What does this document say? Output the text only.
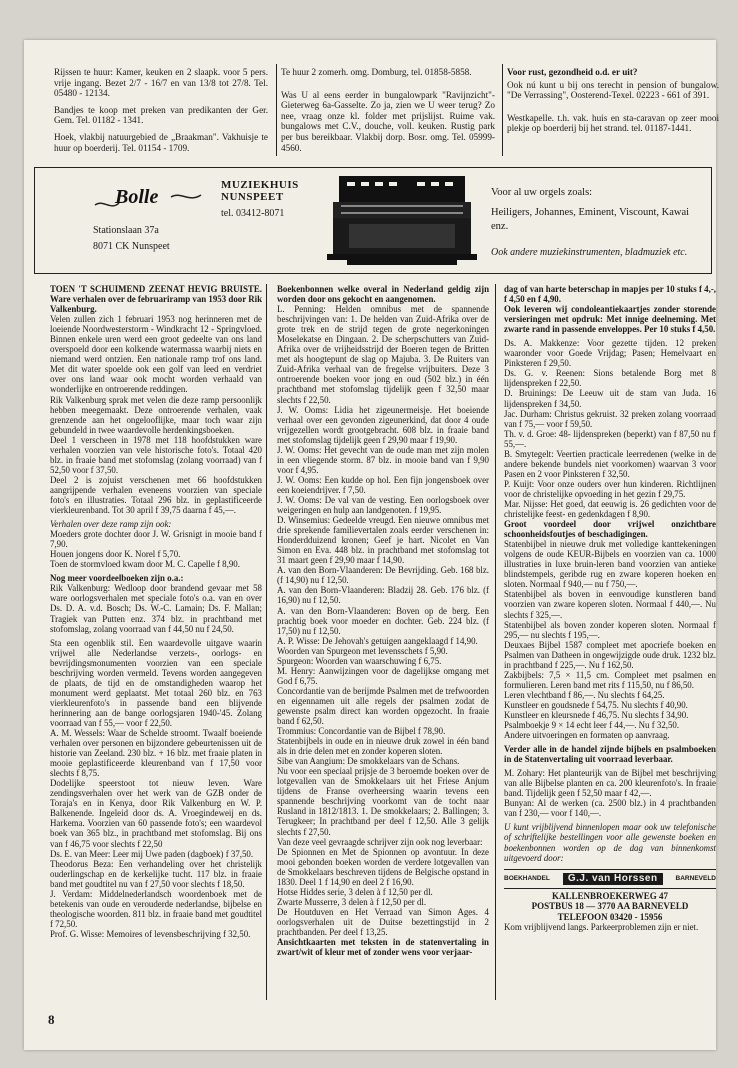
Rijssen te huur: Kamer, keuken en 2 slaapk. voor 5 pers. vrije ingang. Bezet 2/7 - 16/7 en van 13/8 tot 27/8. Tel. 05480 - 12134.

Bandjes te koop met preken van predikanten der Ger. Gem. Tel. 01182 - 1341.

Hoek, vlakbij natuurgebied de „Braakman". Vakhuisje te huur op boerderij. Tel. 01154 - 1709.

Te huur 2 zomerh. omg. Domburg, tel. 01858-5858.

Was U al eens eerder in bungalowpark "Ravijnzicht"-Gieterweg 6a-Gasselte. Zo ja, zien we U weer terug? Zo nee, vraag onze kl. folder met prijslijst. Ruime vak. bungalows met C.V., douche, voll. keuken. Rustig park per bus bereikbaar. Vlakbij dorp. Bosr. omg. Tel. 05999-4560.

Voor rust, gezondheid o.d. er uit?

Ook nú kunt u bij ons terecht in pension of bungalow. "De Verrassing", Oosterend-Texel. 02223 - 661 of 391.

Westkapelle. t.h. vak. huis en sta-caravan op zeer mooi plekje op boerderij bij het strand. tel. 01187-1441.

Bolle
MUZIEKHUIS
NUNSPEET
tel. 03412-8071
Stationslaan 37a
8071 CK Nunspeet
Voor al uw orgels zoals:
Heiligers, Johannes, Eminent, Viscount, Kawai enz.
Ook andere muziekinstrumenten, bladmuziek etc.

TOEN 'T SCHUIMEND ZEENAT HEVIG BRUISTE. Ware verhalen over de februariramp van 1953 door Rik Valkenburg.

Velen zullen zich 1 februari 1953 nog herinneren met de loeiende Noordwesterstorm - Windkracht 12 - Springvloed. Binnen enkele uren werd een groot gedeelte van ons land overspoeld door een kolkende watermassa waarbij niets en niemand werd ontzien. Een nationale ramp trof ons land. Met dit water spoelde ook een golf van leed en verdriet over ons land waar ook mocht worden verhaald van wonderlijke en ontroerende reddingen.

Rik Valkenburg sprak met velen die deze ramp persoonlijk hebben meegemaakt. Deze ontroerende verhalen, vaak grenzende aan het ongelooflijke, maar toch waar zijn gebundeld in twee waardevolle herdenkingsboeken.

Deel 1 verscheen in 1978 met 118 hoofdstukken ware verhalen voorzien van vele historische foto's. Totaal 420 blz. in fraaie band met stofomslag (zolang voorraad) van f 52,50 voor f 37,50.

Deel 2 is zojuist verschenen met 66 hoofdstukken aangrijpende verhalen eveneens voorzien van speciale foto's en illustraties. Totaal 296 blz. in geplastificeerde vierkleurenband. Tot 30 april f 39,75 daarna f 45,—.

Verhalen over deze ramp zijn ook:

Moeders grote dochter door J. W. Grisnigt in mooie band f 7,90.

Houen jongens door K. Norel f 5,70.

Toen de stormvloed kwam door M. C. Capelle f 8,90.

Nog meer voordeelboeken zijn o.a.:

Rik Valkenburg: Wedloop door brandend gevaar met 58 ware oorlogsverhalen met speciale foto's o.a. van en over Ds. D. A. v.d. Bosch; Ds. W.-C. Lamain; Ds. F. Mallan; Tragiek van Putten enz. 374 blz. in prachtband met stofomslag, zolang voorraad van f 44,50 nu f 24,50.

Sta een ogenblik stil. Een waardevolle uitgave waarin vrijwel alle Nederlandse verzets-, oorlogs- en bevrijdingsmonumenten voorzien van een speciale beschrijving worden vermeld. Tevens worden aangegeven de plaats, de tijd en de omstandigheden waarop het monument werd geplaatst. Met totaal 260 blz. en 763 vierkleurenfoto's in passende band een blijvende herinnering aan de bange oorlogsjaren 1940-'45. Zolang voorraad van f 55,— voor f 22,50.

A. M. Wessels: Waar de Schelde stroomt. Twaalf boeiende verhalen over personen en bijzondere gebeurtenissen uit de historie van Zeeland. 230 blz. + 16 blz. met fraaie platen in mooie geplastificeerde kleurenband van f 17,50 voor slechts f 8,75.

Dodelijke speerstoot tot nieuw leven. Ware zendingsverhalen over het werk van de GZB onder de Toraja's en in Kenya, door Rik Valkenburg en W. P. Balkenende. Ingeleid door ds. A. Vroegindeweij en ds. Harkema. Voorzien van 60 passende foto's; een waardevol boek van 365 blz., in prachtband met stofomslag. Bij ons van f 46,75 voor slechts f 22,50

Ds. E. van Meer: Leer mij Uwe paden (dagboek) f 37,50.

Theodorus Beza: Een verhandeling over het christelijk ouderlingschap en de kerkelijke tucht. 117 blz. in fraaie band met goudtitel nu van f 27,50 voor slechts f 18,50.

J. Verdam: Middelnederlandsch woordenboek met de betekenis van oude en verouderde nederlandse, bijbelse en theologische woorden. 811 blz. in fraaie band met goudtitel f 72,50.

Prof. G. Wisse: Memoires of levensbeschrijving f 32,50.

Boekenbonnen welke overal in Nederland geldig zijn worden door ons gekocht en aangenomen.

L. Penning: Helden omnibus met de spannende beschrijvingen van: 1. De helden van Zuid-Afrika over de grote trek en de strijd tegen de grote negerkoningen Moselekatse en Dingaan. 2. De scherpschutters van Zuid-Afrika over de vrijheidsstrijd der Boeren tegen de Britten met als hoogtepunt de slag op Majuba. 3. De Ruiters van Zuid-Afrika verhaal van de fregelse vrijbuiters. Deze 3 ontroerende boeken voor jong en oud (502 blz.) in één prachtband met stofomslag tijdelijk geen f 32,50 maar slechts f 22,50.

J. W. Ooms: Lidia het zigeunermeisje. Het boeiende verhaal over een gevonden zigeunerkind, dat door 4 oude vrijgezellen wordt grootgebracht. 608 blz. in fraaie band met stofomslag tijdelijk geen f 29,90 maar f 19,90.

J. W. Ooms: Het gevecht van de oude man met zijn molen in een vliegende storm. 87 blz. in mooie band van f 9,90 voor f 4,95.

J. W. Ooms: Een kudde op hol. Een fijn jongensboek over een koeiendrijver. f 7,50.

J. W. Ooms: De val van de vesting. Een oorlogsboek over weigeringen en hulp aan landgenoten. f 19,95.

D. Winsemius: Gedeelde vreugd. Een nieuwe omnibus met drie sprekende familievertalen zoals eerder verschenen in: Honderdduizend kronen; Geef je hart. Nicolet en Van Simon en Eva. 448 blz. in prachtband met stofomslag tot 31 maart geen f 29,90 maar f 14,90.

A. van den Born-Vlaanderen: De Bevrijding. Geb. 168 blz. (f 14,90) nu f 12,50.

A. van den Born-Vlaanderen: Bladzij 28. Geb. 176 blz. (f 16,90) nu f 12,50.

A. van den Born-Vlaanderen: Boven op de berg. Een prachtig boek voor moeder en dochter. Geb. 224 blz. (f 17,50) nu f 12,50.

A. P. Wisse: De Jehovah's getuigen aangeklaagd f 14,90.

Woorden van Spurgeon met levensschets f 5,90.

Spurgeon: Woorden van waarschuwing f 6,75.

M. Henry: Aanwijzingen voor de dagelijkse omgang met God f 6,75.

Concordantie van de berijmde Psalmen met de trefwoorden en eigennamen uit alle regels der psalmen zodat de gewenste psalm direct kan worden opgezocht. In fraaie band f 62,50.

Trommius: Concordantie van de Bijbel f 78,90.

Statenbijbels in oude en in nieuwe druk zowel in één band als in drie delen met en zonder koperen sloten.

Sibe van Aangium: De smokkelaars van de Schans.

Nu voor een speciaal prijsje de 3 beroemde boeken over de lotgevallen van de Smokkelaars uit het Friese Anjum tijdens de Franse overheersing waarin tevens een spannende beschrijving voorkomt van de tocht naar Rusland in 1812/1813. 1. De smokkelaars; 2. Ballingen; 3. Terugkeer; In prachtband per deel f 12,50. Alle 3 gelijk slechts f 27,50.

Van deze veel gevraagde schrijver zijn ook nog leverbaar:

De Spionnen en Met de Spionnen op avontuur. In deze mooi gebonden boeken worden de verdere lotgevallen van de Smokkelaars beschreven tijdens de Belgische opstand in 1830. Deel 1 f 14,90 en deel 2 f 16,90.

Hotse Hiddes serie, 3 delen à f 12,50 per dl.

Zwarte Musserre, 3 delen à f 12,50 per dl.

De Houtduven en Het Verraad van Simon Ages. 4 oorlogsverhalen uit de Duitse bezettingstijd in 2 prachtbanden. Per deel f 13,25.

Ansichtkaarten met teksten in de statenvertaling in zwart/wit of kleur met of zonder wens voor verjaar-

dag of van harte beterschap in mapjes per 10 stuks f 4,-, f 4,50 en f 4,90.

Ook leveren wij condoleantiekaartjes zonder storende versieringen met opdruk: Met innige deelneming. Met zwarte rand in passende enveloppes. Per 10 stuks f 4,50.

Ds. A. Makkenze: Voor gezette tijden. 12 preken waaronder voor Goede Vrijdag; Pasen; Hemelvaart en Pinksteren f 29,50.

Ds. G. v. Reenen: Sions betalende Borg met 8 lijdenspreken f 22,50.

D. Bruinings: De Leeuw uit de stam van Juda. 16 lijdenspreken f 34,50.

Jac. Durham: Christus gekruist. 32 preken zolang voorraad van f 75,— voor f 59,50.

Th. v. d. Groe: 48- lijdenspreken (beperkt) van f 87,50 nu f 55,—.

B. Smytegelt: Veertien practicale leerredenen (welke in de andere bekende bundels niet voorkomen) waarvan 3 voor Pasen en 2 voor Pinksteren f 32,50.

P. Kuijt: Voor onze ouders over hun kinderen. Richtlijnen voor de christelijke opvoeding in het gezin f 29,75.

Mar. Nijsse: Het goed, dat eeuwig is. 26 gedichten voor de christelijke feest- en gedenkdagen f 8,90.

Groot voordeel door vrijwel onzichtbare schoonheidsfoutjes of beschadigingen.

Statenbijbel in nieuwe druk met volledige kanttekeningen volgens de oude KEUR-Bijbels en voorzien van ca. 1000 illustraties in luxe bruin-leren band voorzien van antieke blindstempels, geribde rug en zware koperen hoeken en sloten. Normaal f 940,— nu f 750,—.

Statenbijbel als boven in eenvoudige kunstleren band voorzien van zware koperen sloten. Normaal f 440,—. Nu slechts f 325,—.

Statenbijbel als boven zonder koperen sloten. Normaal f 295,— nu slechts f 195,—.

Deuxaes Bijbel 1587 compleet met apocriefe boeken en Psalmen van Datheen in ongewijzigde oude druk. 1232 blz. in prachtband f 225,—. Nu f 162,50.

Zakbijbels: 7,5 × 11,5 cm. Compleet met psalmen en formulieren. Leren band met rits f 115,50, nu f 86,50.

Leren vlechtband f 86,—. Nu slechts f 64,25.

Kunstleer en goudsnede f 54,75. Nu slechts f 40,90.

Kunstleer en kleursnede f 46,75. Nu slechts f 34,90.

Psalmboekje 9 × 14 echt leer f 44,—. Nu f 32,50.

Andere uitvoeringen en formaten op aanvraag.

Verder alle in de handel zijnde bijbels en psalmboeken in de Statenvertaling uit voorraad leverbaar.

M. Zohary: Het planteurijk van de Bijbel met beschrijving van alle Bijbelse planten en ca. 200 kleurenfoto's. In fraaie band. Tijdelijk geen f 52,50 maar f 42,—.

Bunyan: Al de werken (ca. 2500 blz.) in 4 prachtbanden van f 230,— voor f 140,—.

U kunt vrijblijvend binnenlopen maar ook uw telefonische of schriftelijke bestellingen voor alle gewenste boeken en boekenbonnen worden op de dag van binnenkomst uitgevoerd door:

BOEKHANDEL	G.J. van Horssen	BARNEVELD
KALLENBROEKERWEG 47
POSTBUS 18 — 3770 AA BARNEVELD
TELEFOON 03420 - 15956

Kom vrijblijvend langs. Parkeerproblemen zijn er niet.

8
